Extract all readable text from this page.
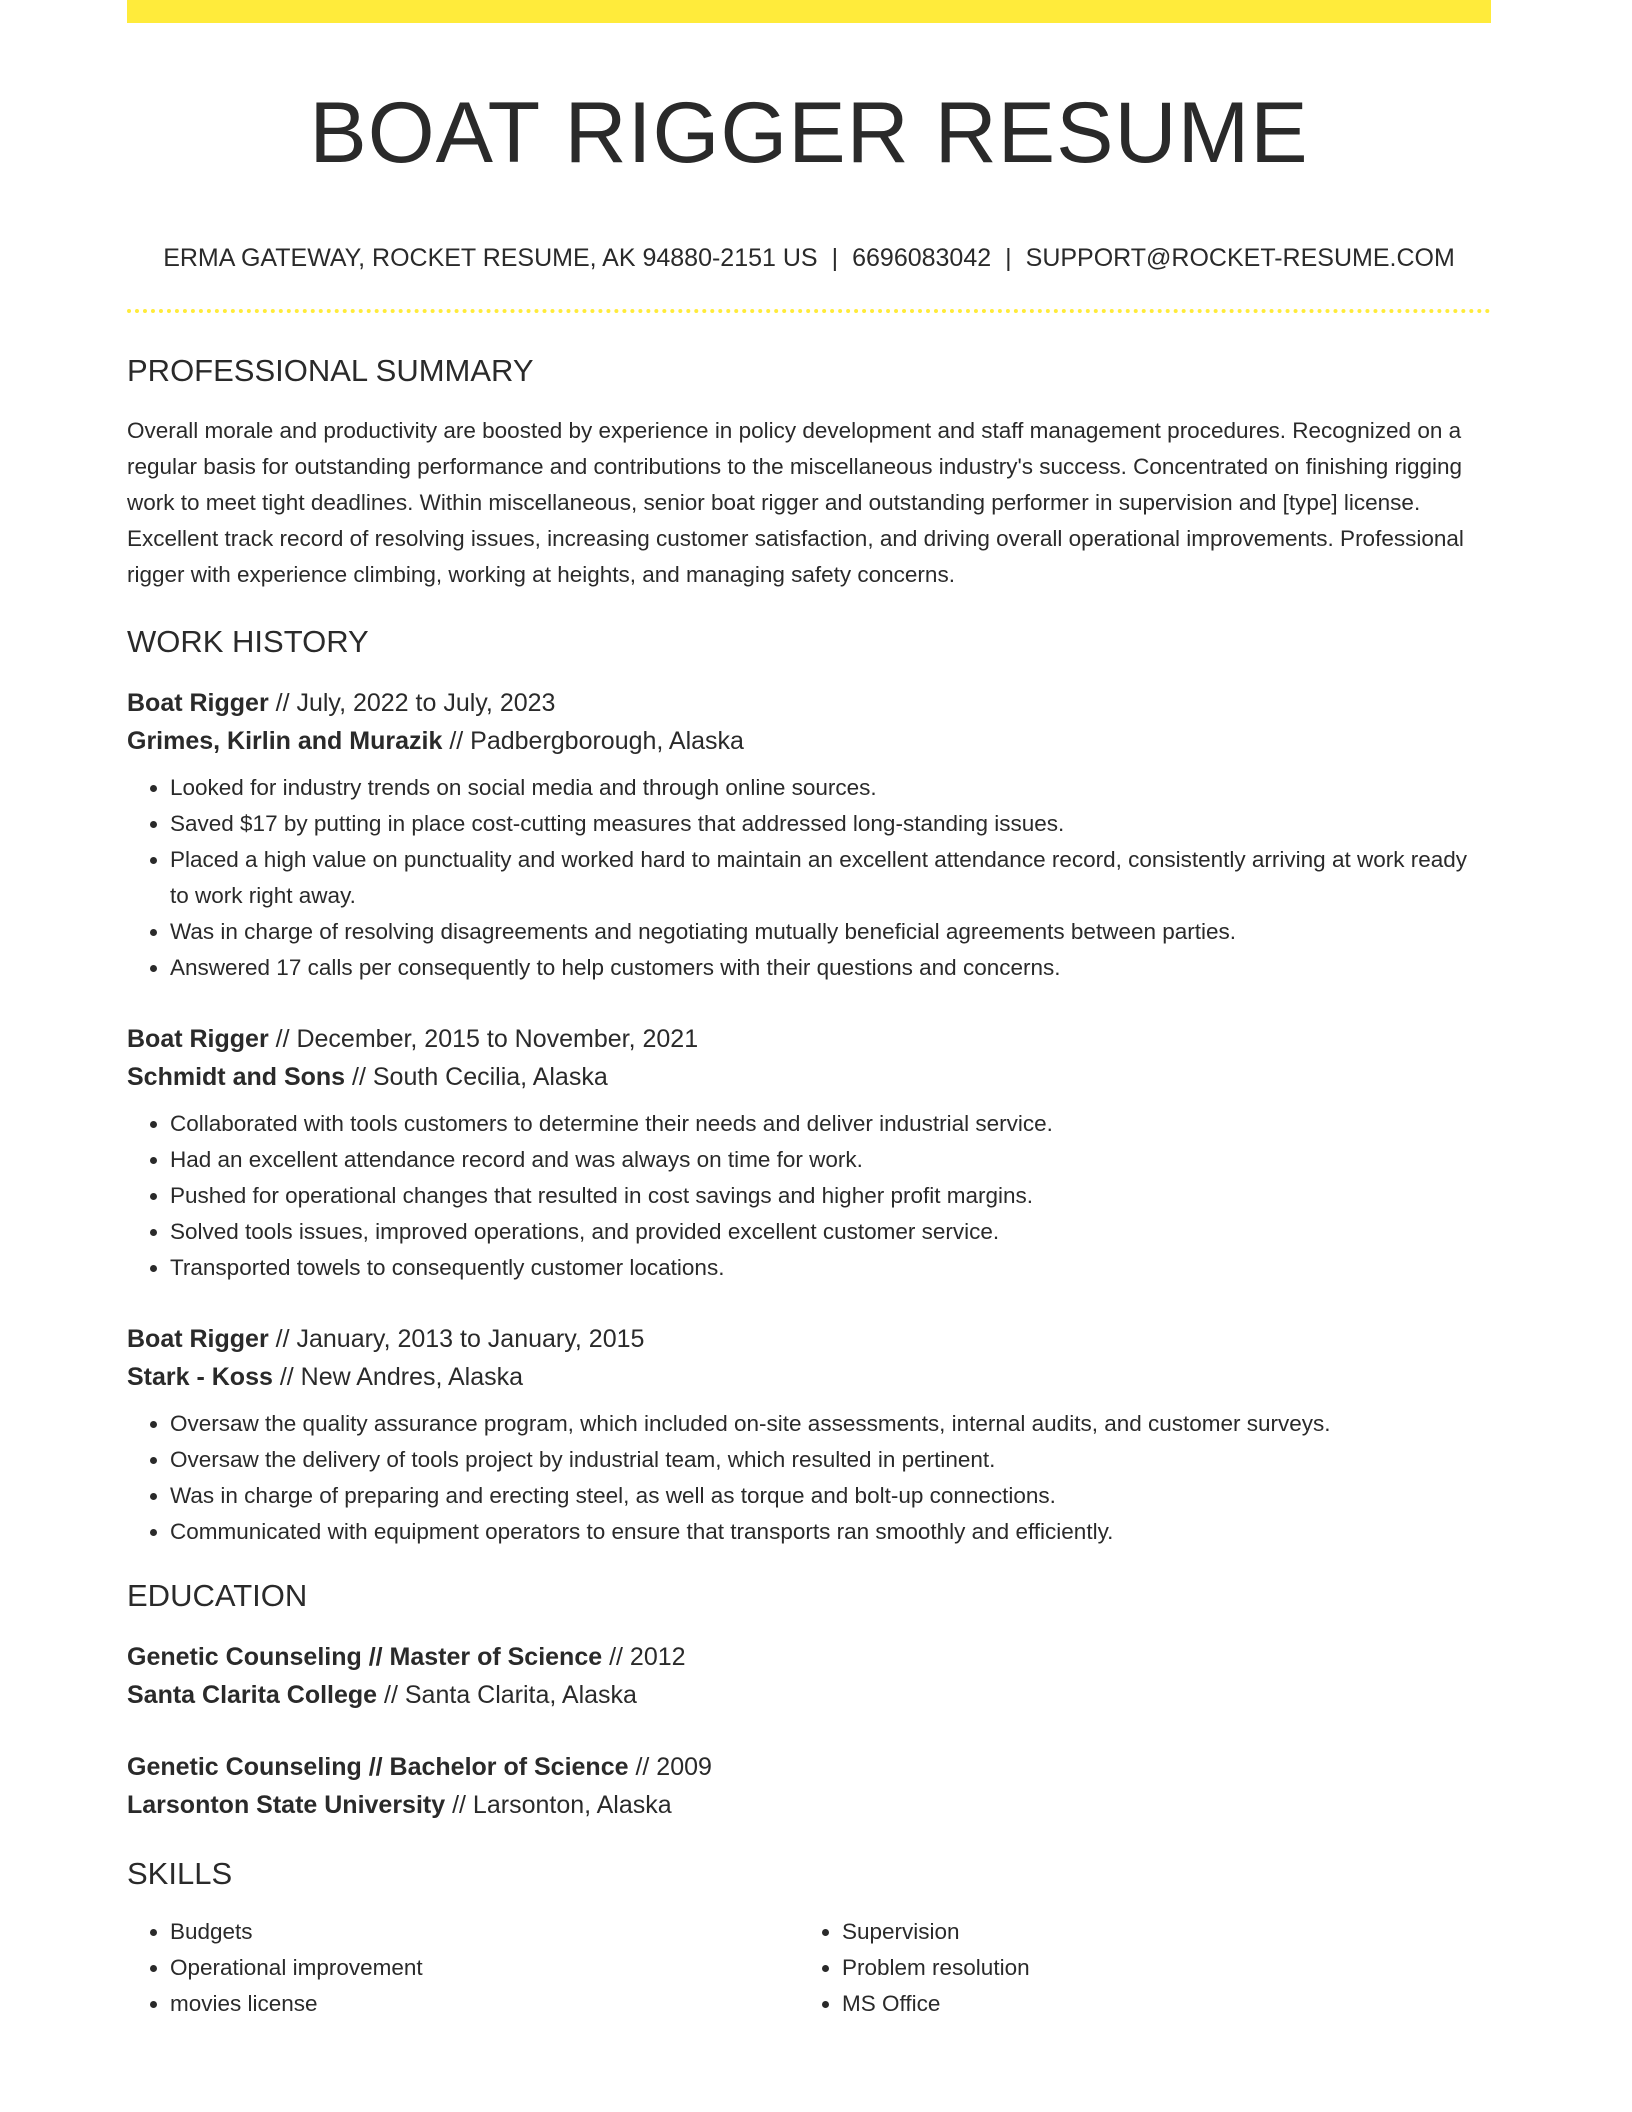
BOAT RIGGER RESUME
ERMA GATEWAY, ROCKET RESUME, AK 94880-2151 US | 6696083042 | SUPPORT@ROCKET-RESUME.COM
PROFESSIONAL SUMMARY
Overall morale and productivity are boosted by experience in policy development and staff management procedures. Recognized on a regular basis for outstanding performance and contributions to the miscellaneous industry's success. Concentrated on finishing rigging work to meet tight deadlines. Within miscellaneous, senior boat rigger and outstanding performer in supervision and [type] license. Excellent track record of resolving issues, increasing customer satisfaction, and driving overall operational improvements. Professional rigger with experience climbing, working at heights, and managing safety concerns.
WORK HISTORY
Boat Rigger // July, 2022 to July, 2023
Grimes, Kirlin and Murazik // Padbergborough, Alaska
• Looked for industry trends on social media and through online sources.
• Saved $17 by putting in place cost-cutting measures that addressed long-standing issues.
• Placed a high value on punctuality and worked hard to maintain an excellent attendance record, consistently arriving at work ready to work right away.
• Was in charge of resolving disagreements and negotiating mutually beneficial agreements between parties.
• Answered 17 calls per consequently to help customers with their questions and concerns.
Boat Rigger // December, 2015 to November, 2021
Schmidt and Sons // South Cecilia, Alaska
• Collaborated with tools customers to determine their needs and deliver industrial service.
• Had an excellent attendance record and was always on time for work.
• Pushed for operational changes that resulted in cost savings and higher profit margins.
• Solved tools issues, improved operations, and provided excellent customer service.
• Transported towels to consequently customer locations.
Boat Rigger // January, 2013 to January, 2015
Stark - Koss // New Andres, Alaska
• Oversaw the quality assurance program, which included on-site assessments, internal audits, and customer surveys.
• Oversaw the delivery of tools project by industrial team, which resulted in pertinent.
• Was in charge of preparing and erecting steel, as well as torque and bolt-up connections.
• Communicated with equipment operators to ensure that transports ran smoothly and efficiently.
EDUCATION
Genetic Counseling // Master of Science // 2012
Santa Clarita College // Santa Clarita, Alaska
Genetic Counseling // Bachelor of Science // 2009
Larsonton State University // Larsonton, Alaska
SKILLS
• Budgets
• Operational improvement
• movies license
• Supervision
• Problem resolution
• MS Office
